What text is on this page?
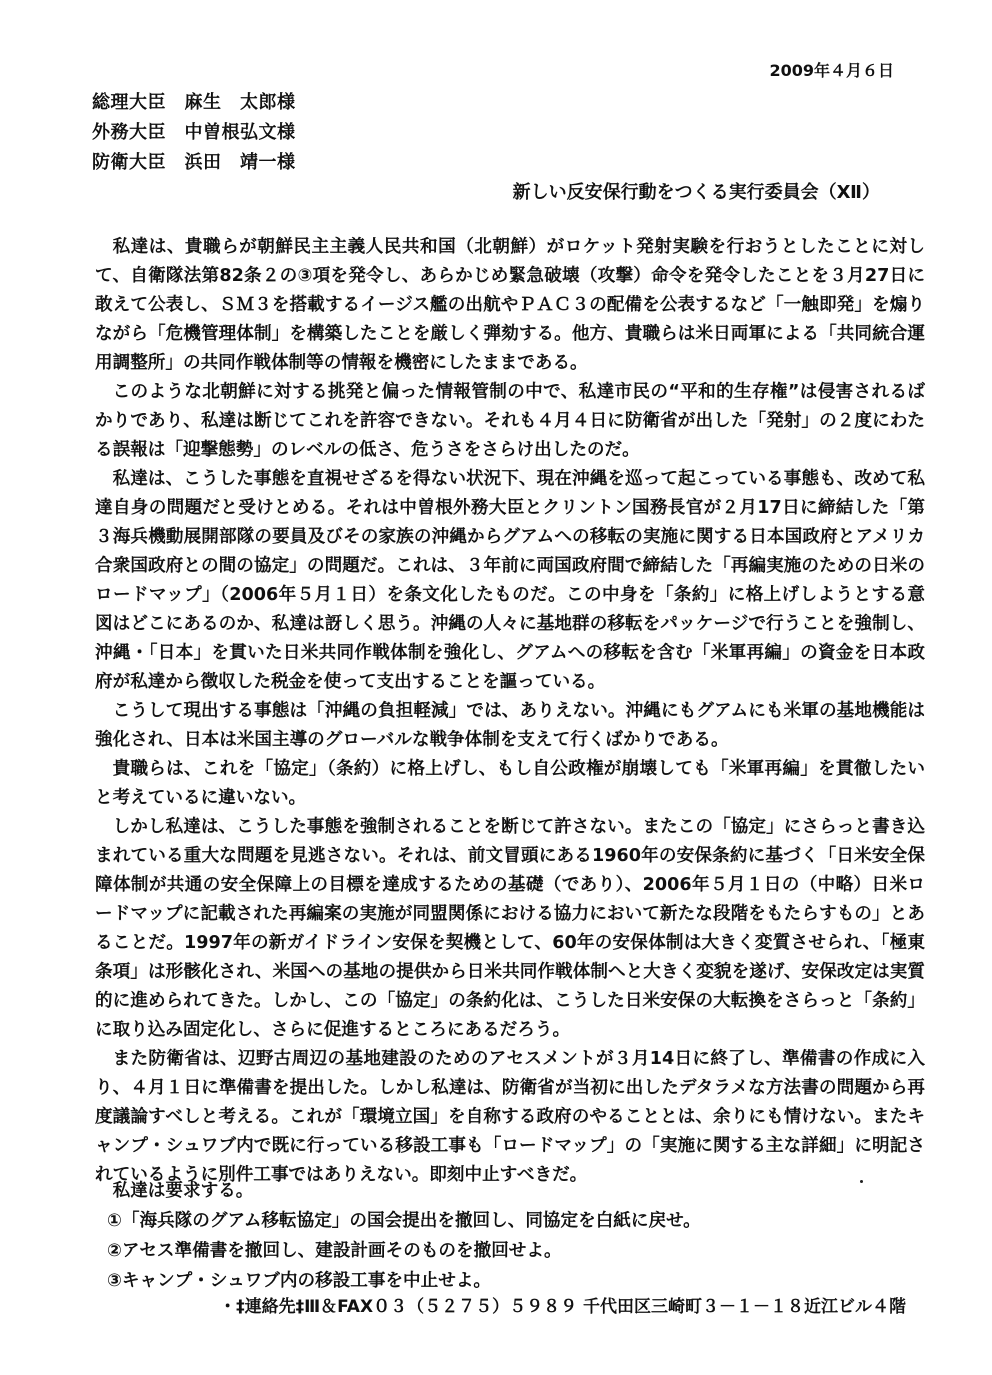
2009年４月６日
総理大臣　麻生　太郎様
外務大臣　中曽根弘文様
防衛大臣　浜田　靖一様
新しい反安保行動をつくる実行委員会（Ⅻ）

私達は、貴職らが朝鮮民主主義人民共和国（北朝鮮）がロケット発射実験を行おうとしたことに対して、自衛隊法第82条２の③項を発令し、あらかじめ緊急破壊（攻撃）命令を発令したことを３月27日に敢えて公表し、ＳＭ３を搭載するイージス艦の出航やＰＡＣ３の配備を公表するなど「一触即発」を煽りながら「危機管理体制」を構築したことを厳しく弾劾する。他方、貴職らは米日両軍による「共同統合運用調整所」の共同作戦体制等の情報を機密にしたままである。

このような北朝鮮に対する挑発と偏った情報管制の中で、私達市民の“平和的生存権”は侵害されるばかりであり、私達は断じてこれを許容できない。それも４月４日に防衛省が出した「発射」の２度にわたる誤報は「迎撃態勢」のレベルの低さ、危うさをさらけ出したのだ。

私達は、こうした事態を直視せざるを得ない状況下、現在沖縄を巡って起こっている事態も、改めて私達自身の問題だと受けとめる。それは中曽根外務大臣とクリントン国務長官が２月17日に締結した「第３海兵機動展開部隊の要員及びその家族の沖縄からグアムへの移転の実施に関する日本国政府とアメリカ合衆国政府との間の協定」の問題だ。これは、３年前に両国政府間で締結した「再編実施のための日米のロードマップ」（2006年５月１日）を条文化したものだ。この中身を「条約」に格上げしようとする意図はどこにあるのか、私達は訝しく思う。沖縄の人々に基地群の移転をパッケージで行うことを強制し、沖縄・「日本」を貫いた日米共同作戦体制を強化し、グアムへの移転を含む「米軍再編」の資金を日本政府が私達から徴収した税金を使って支出することを謳っている。

こうして現出する事態は「沖縄の負担軽減」では、ありえない。沖縄にもグアムにも米軍の基地機能は強化され、日本は米国主導のグローバルな戦争体制を支えて行くばかりである。

貴職らは、これを「協定」（条約）に格上げし、もし自公政権が崩壊しても「米軍再編」を貫徹したいと考えているに違いない。

しかし私達は、こうした事態を強制されることを断じて許さない。またこの「協定」にさらっと書き込まれている重大な問題を見逃さない。それは、前文冒頭にある1960年の安保条約に基づく「日米安全保障体制が共通の安全保障上の目標を達成するための基礎（であり）、2006年５月１日の（中略）日米ロードマップに記載された再編案の実施が同盟関係における協力において新たな段階をもたらすもの」とあることだ。1997年の新ガイドライン安保を契機として、60年の安保体制は大きく変質させられ、「極東条項」は形骸化され、米国への基地の提供から日米共同作戦体制へと大きく変貌を遂げ、安保改定は実質的に進められてきた。しかし、この「協定」の条約化は、こうした日米安保の大転換をさらっと「条約」に取り込み固定化し、さらに促進するところにあるだろう。

また防衛省は、辺野古周辺の基地建設のためのアセスメントが３月14日に終了し、準備書の作成に入り、４月１日に準備書を提出した。しかし私達は、防衛省が当初に出したデタラメな方法書の問題から再度議論すべしと考える。これが「環境立国」を自称する政府のやることとは、余りにも情けない。またキャンプ・シュワブ内で既に行っている移設工事も「ロードマップ」の「実施に関する主な詳細」に明記されているように別件工事ではありえない。即刻中止すべきだ。

私達は要求する。
①「海兵隊のグアム移転協定」の国会提出を撤回し、同協定を白紙に戻せ。
②アセス準備書を撤回し、建設計画そのものを撤回せよ。
③キャンプ・シュワブ内の移設工事を中止せよ。
・‡連絡先‡Ⅲ＆FAX０３（５２７５）５９８９ 千代田区三崎町３－１－１８近江ビル４階
